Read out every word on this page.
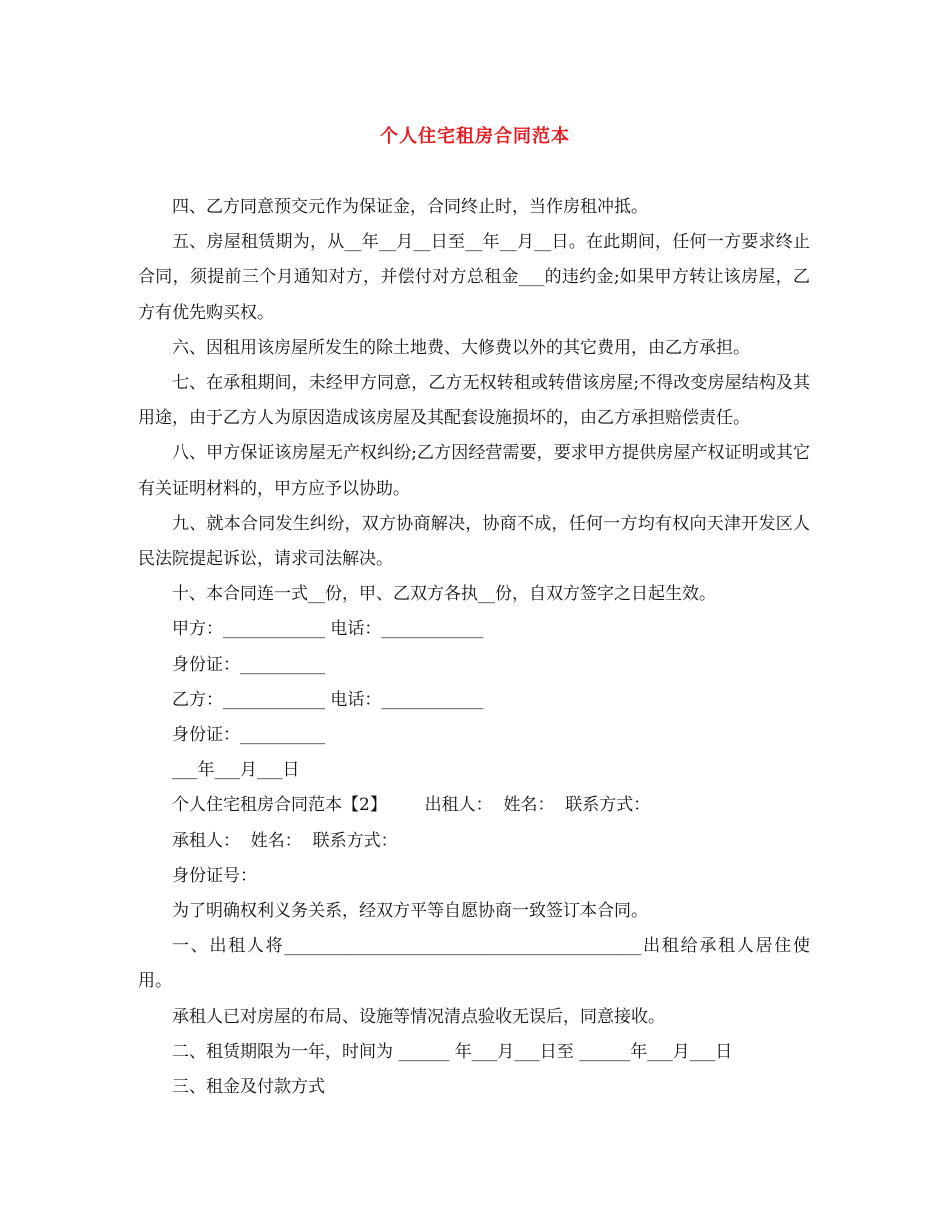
个人住宅租房合同范本

四、乙方同意预交元作为保证金，合同终止时，当作房租冲抵。

五、房屋租赁期为，从__年__月__日至__年__月__日。在此期间，任何一方要求终止合同，须提前三个月通知对方，并偿付对方总租金___的违约金;如果甲方转让该房屋，乙方有优先购买权。

六、因租用该房屋所发生的除土地费、大修费以外的其它费用，由乙方承担。

七、在承租期间，未经甲方同意，乙方无权转租或转借该房屋;不得改变房屋结构及其用途，由于乙方人为原因造成该房屋及其配套设施损坏的，由乙方承担赔偿责任。

八、甲方保证该房屋无产权纠纷;乙方因经营需要，要求甲方提供房屋产权证明或其它有关证明材料的，甲方应予以协助。

九、就本合同发生纠纷，双方协商解决，协商不成，任何一方均有权向天津开发区人民法院提起诉讼，请求司法解决。

十、本合同连一式__份，甲、乙双方各执__份，自双方签字之日起生效。

甲方：____________ 电话：____________

身份证：__________

乙方：____________ 电话：____________

身份证：__________

___年___月___日

个人住宅租房合同范本【2】       出租人：  姓名：  联系方式：

承租人：  姓名：  联系方式：

身份证号：

为了明确权利义务关系，经双方平等自愿协商一致签订本合同。

一、出租人将__________________________________________出租给承租人居住使用。

承租人已对房屋的布局、设施等情况清点验收无误后，同意接收。

二、租赁期限为一年，时间为 ______ 年___月___日至 ______年___月___日

三、租金及付款方式
